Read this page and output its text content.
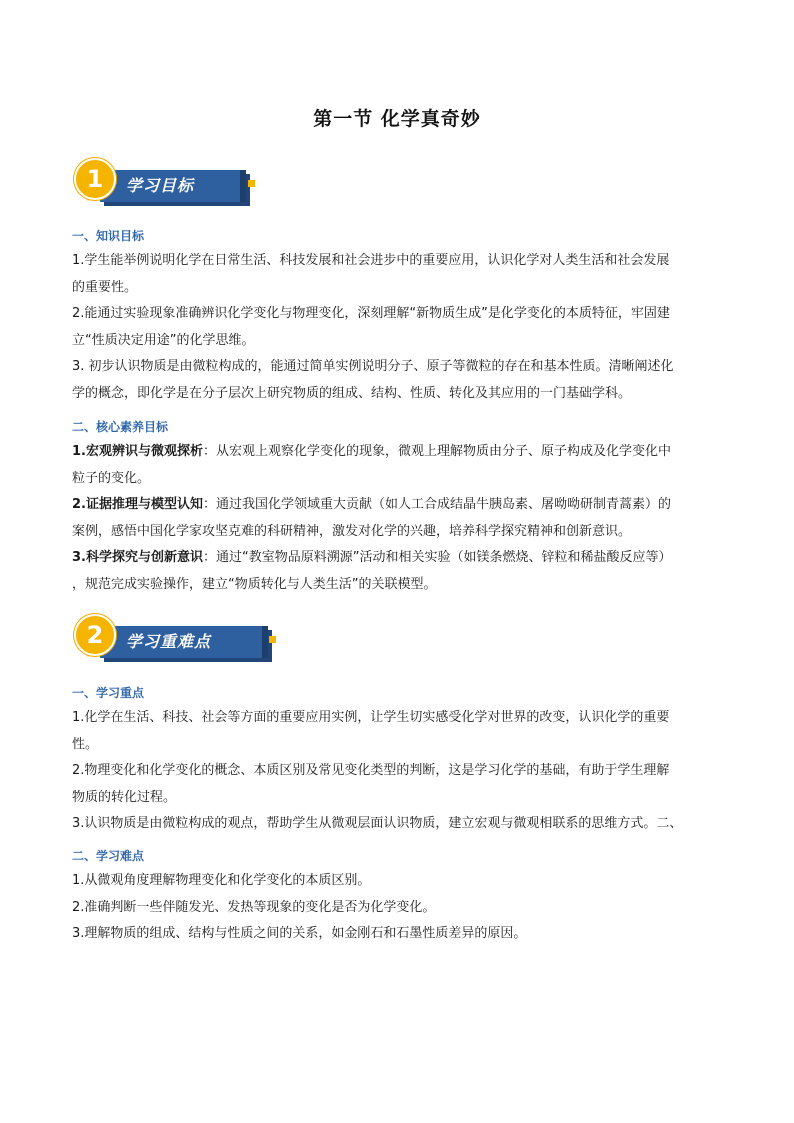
第一节 化学真奇妙
学习目标
1
一、知识目标
1.学生能举例说明化学在日常生活、科技发展和社会进步中的重要应用，认识化学对人类生活和社会发展
的重要性。
2.能通过实验现象准确辨识化学变化与物理变化，深刻理解“新物质生成”是化学变化的本质特征，牢固建
立“性质决定用途”的化学思维。
3. 初步认识物质是由微粒构成的，能通过简单实例说明分子、原子等微粒的存在和基本性质。清晰阐述化
学的概念，即化学是在分子层次上研究物质的组成、结构、性质、转化及其应用的一门基础学科。
二、核心素养目标
1.宏观辨识与微观探析：从宏观上观察化学变化的现象，微观上理解物质由分子、原子构成及化学变化中
粒子的变化。
2.证据推理与模型认知：通过我国化学领域重大贡献（如人工合成结晶牛胰岛素、屠呦呦研制青蒿素）的
案例，感悟中国化学家攻坚克难的科研精神，激发对化学的兴趣，培养科学探究精神和创新意识。
3.科学探究与创新意识：通过“教室物品原料溯源”活动和相关实验（如镁条燃烧、锌粒和稀盐酸反应等）
，规范完成实验操作，建立“物质转化与人类生活”的关联模型。
学习重难点
2
一、学习重点
1.化学在生活、科技、社会等方面的重要应用实例，让学生切实感受化学对世界的改变，认识化学的重要
性。
2.物理变化和化学变化的概念、本质区别及常见变化类型的判断，这是学习化学的基础，有助于学生理解
物质的转化过程。
3.认识物质是由微粒构成的观点，帮助学生从微观层面认识物质，建立宏观与微观相联系的思维方式。二、
二、学习难点
1.从微观角度理解物理变化和化学变化的本质区别。
2.准确判断一些伴随发光、发热等现象的变化是否为化学变化。
3.理解物质的组成、结构与性质之间的关系，如金刚石和石墨性质差异的原因。
